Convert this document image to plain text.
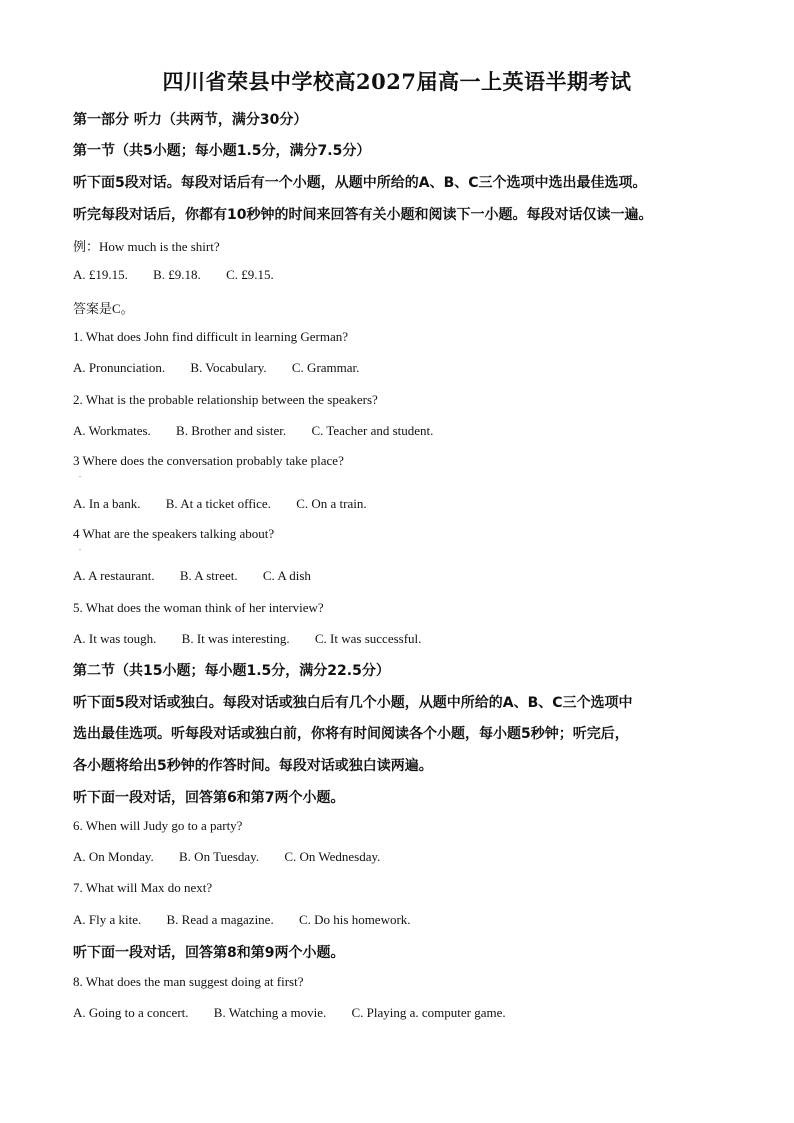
四川省荣县中学校高2027届高一上英语半期考试
第一部分 听力（共两节，满分30分）
第一节（共5小题；每小题1.5分，满分7.5分）
听下面5段对话。每段对话后有一个小题，从题中所给的A、B、C三个选项中选出最佳选项。
听完每段对话后，你都有10秒钟的时间来回答有关小题和阅读下一小题。每段对话仅读一遍。
例：How much is the shirt?
A. £19.15. B. £9.18. C. £9.15.
答案是C。
1. What does John find difficult in learning German?
A. Pronunciation. B. Vocabulary. C. Grammar.
2. What is the probable relationship between the speakers?
A. Workmates. B. Brother and sister. C. Teacher and student.
3 Where does the conversation probably take place?
.
A. In a bank. B. At a ticket office. C. On a train.
4 What are the speakers talking about?
.
A. A restaurant. B. A street. C. A dish
5. What does the woman think of her interview?
A. It was tough. B. It was interesting. C. It was successful.
第二节（共15小题；每小题1.5分，满分22.5分）
听下面5段对话或独白。每段对话或独白后有几个小题，从题中所给的A、B、C三个选项中
选出最佳选项。听每段对话或独白前，你将有时间阅读各个小题，每小题5秒钟；听完后，
各小题将给出5秒钟的作答时间。每段对话或独白读两遍。
听下面一段对话，回答第6和第7两个小题。
6. When will Judy go to a party?
A. On Monday. B. On Tuesday. C. On Wednesday.
7. What will Max do next?
A. Fly a kite. B. Read a magazine. C. Do his homework.
听下面一段对话，回答第8和第9两个小题。
8. What does the man suggest doing at first?
A. Going to a concert. B. Watching a movie. C. Playing a. computer game.
